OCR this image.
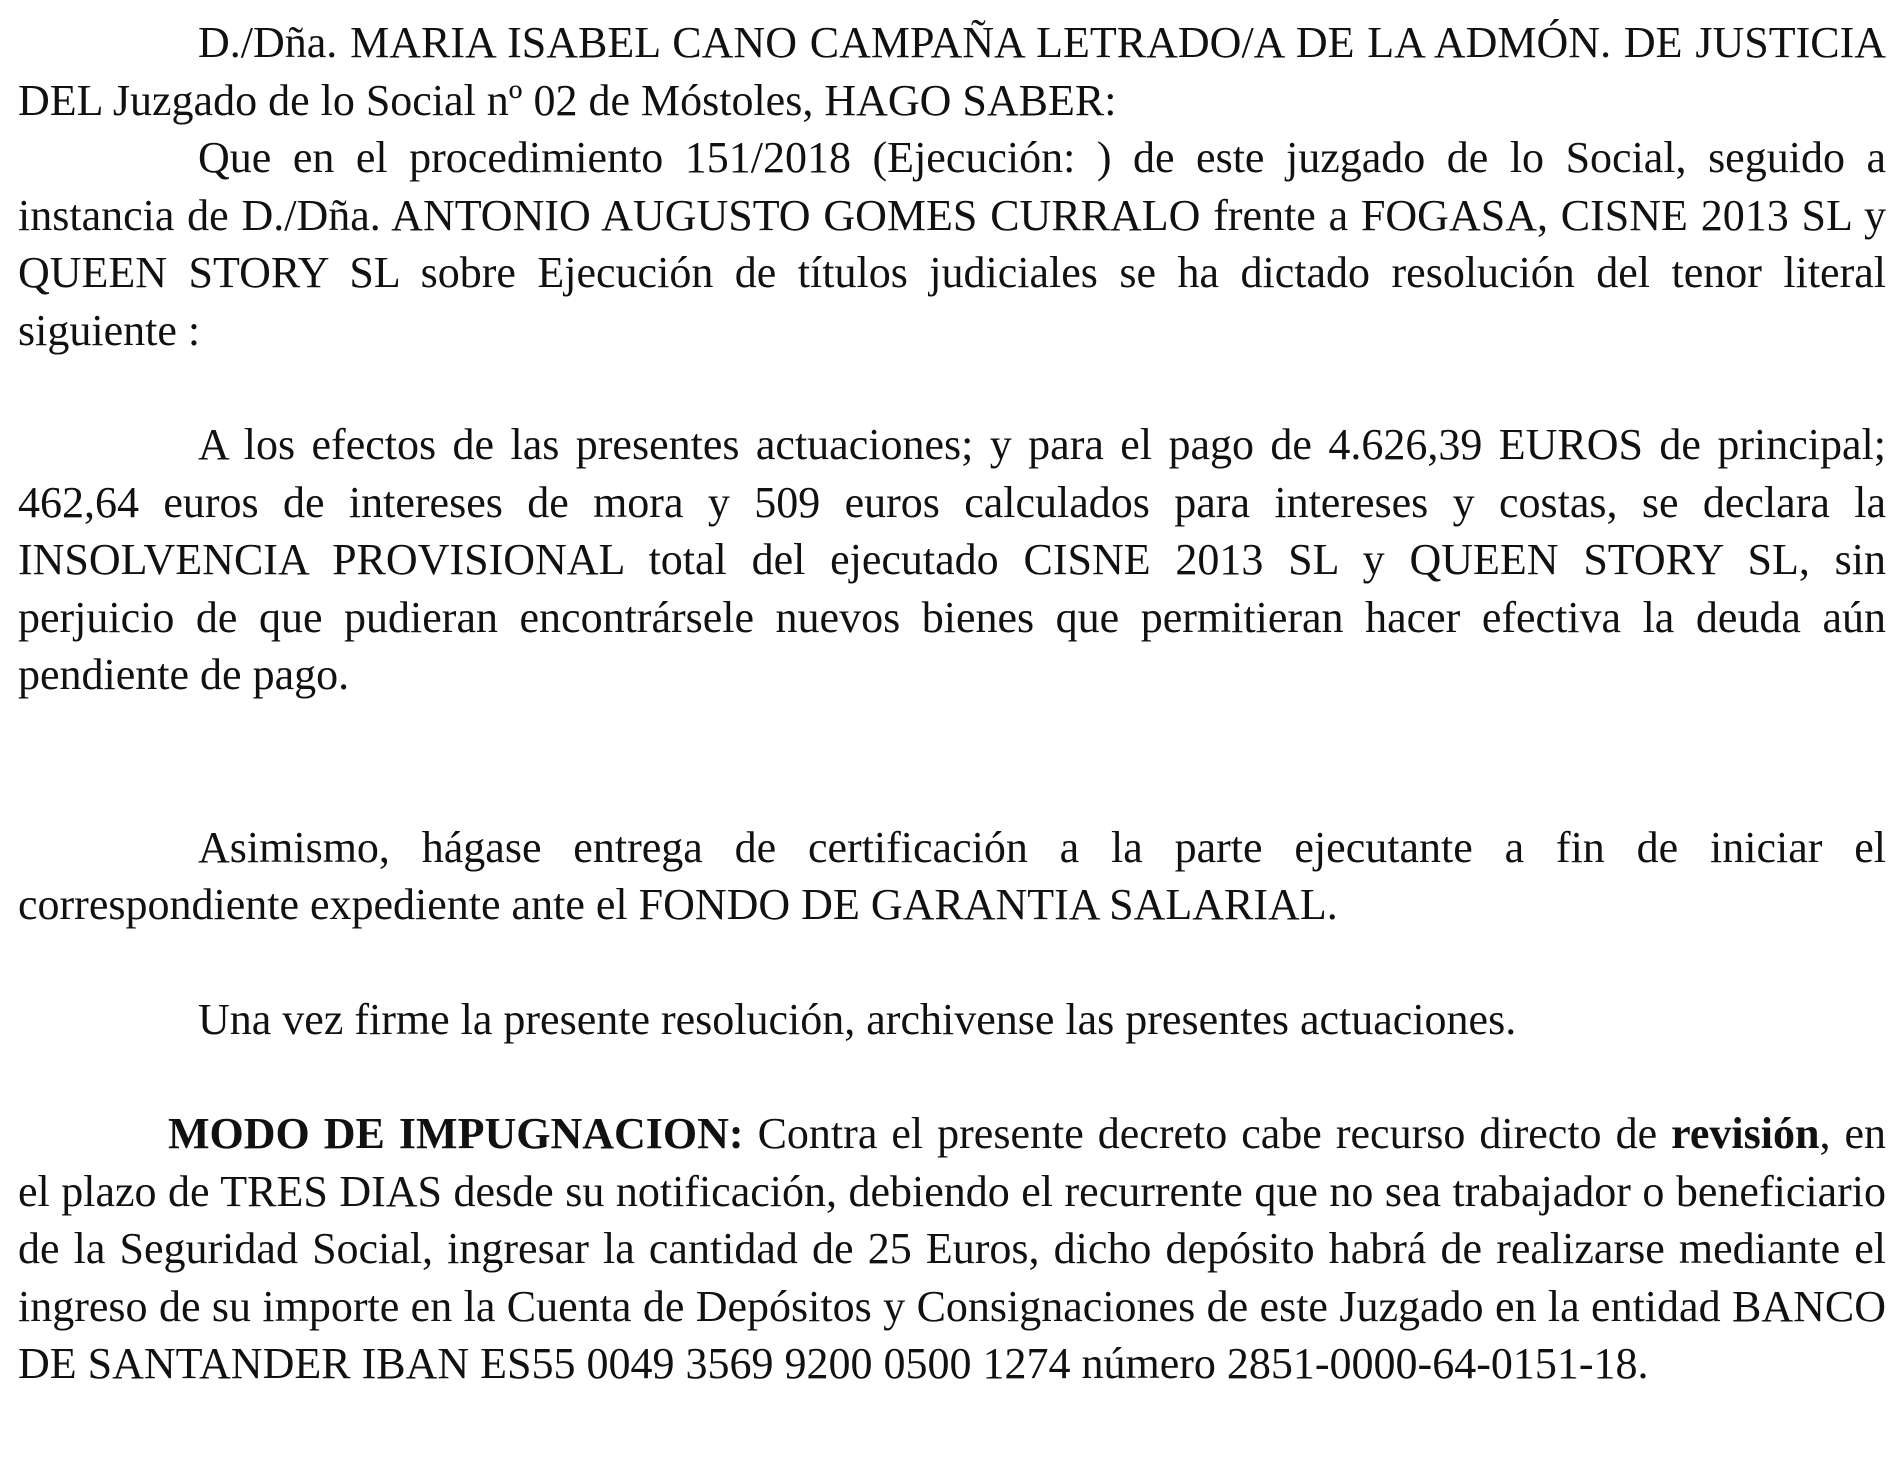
D./Dña. MARIA ISABEL CANO CAMPAÑA LETRADO/A DE LA ADMÓN. DE JUSTICIA DEL Juzgado de lo Social nº 02 de Móstoles, HAGO SABER:

Que en el procedimiento 151/2018 (Ejecución: ) de este juzgado de lo Social, seguido a instancia de D./Dña. ANTONIO AUGUSTO GOMES CURRALO frente a FOGASA, CISNE 2013 SL y QUEEN STORY SL sobre Ejecución de títulos judiciales se ha dictado resolución del tenor literal siguiente :

A los efectos de las presentes actuaciones; y para el pago de 4.626,39 EUROS de principal; 462,64 euros de intereses de mora y 509 euros calculados para intereses y costas, se declara la INSOLVENCIA PROVISIONAL total del ejecutado CISNE 2013 SL y QUEEN STORY SL, sin perjuicio de que pudieran encontrársele nuevos bienes que permitieran hacer efectiva la deuda aún pendiente de pago.

Asimismo, hágase entrega de certificación a la parte ejecutante a fin de iniciar el correspondiente expediente ante el FONDO DE GARANTIA SALARIAL.

Una vez firme la presente resolución, archivense las presentes actuaciones.

MODO DE IMPUGNACION: Contra el presente decreto cabe recurso directo de revisión, en el plazo de TRES DIAS desde su notificación, debiendo el recurrente que no sea trabajador o beneficiario de la Seguridad Social, ingresar la cantidad de 25 Euros, dicho depósito habrá de realizarse mediante el ingreso de su importe en la Cuenta de Depósitos y Consignaciones de este Juzgado en la entidad BANCO DE SANTANDER IBAN ES55 0049 3569 9200 0500 1274 número 2851-0000-64-0151-18.
